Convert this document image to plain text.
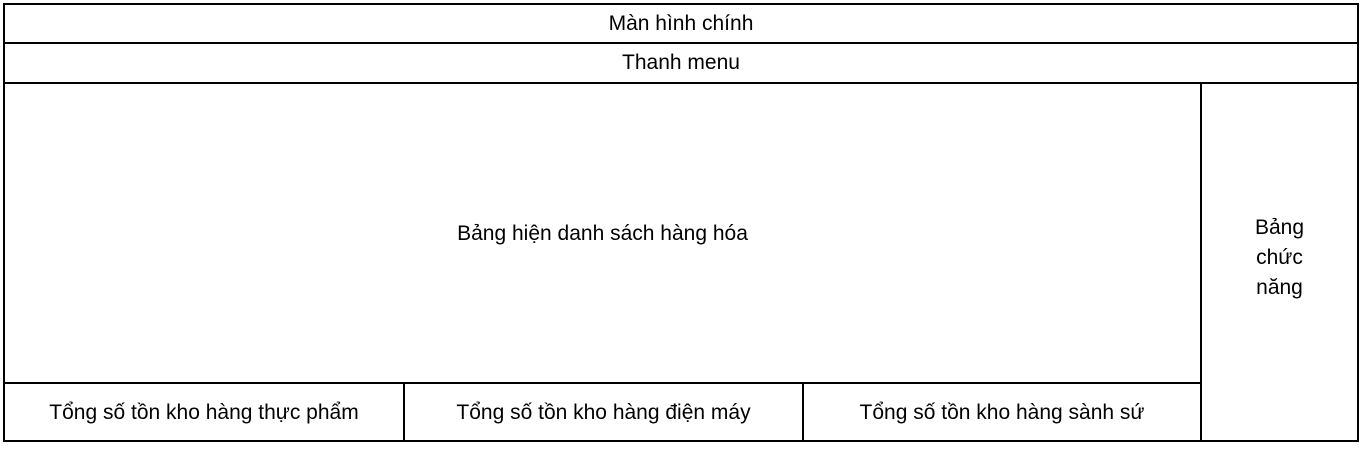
Màn hình chính
Thanh menu
Bảng hiện danh sách hàng hóa	Bảng chức năng
Tổng số tồn kho hàng thực phẩm	Tổng số tồn kho hàng điện máy	Tổng số tồn kho hàng sành sứ
